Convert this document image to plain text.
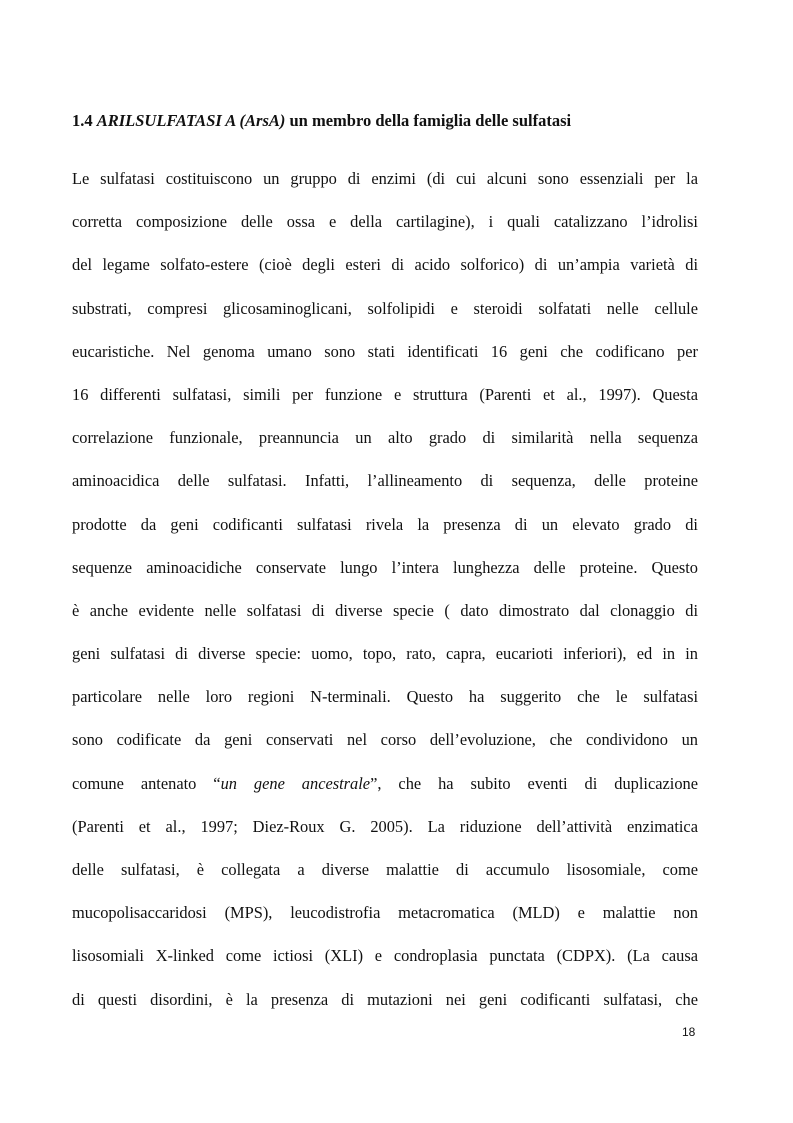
1.4 ARILSULFATASI A (ArsA) un membro della famiglia delle sulfatasi
Le sulfatasi costituiscono un gruppo di enzimi (di cui alcuni sono essenziali per la
corretta composizione delle ossa e della cartilagine), i quali catalizzano l’idrolisi
del legame solfato-estere (cioè degli esteri di acido solforico) di un’ampia varietà di
substrati, compresi glicosaminoglicani, solfolipidi e steroidi solfatati nelle cellule
eucaristiche. Nel genoma umano sono stati identificati 16 geni che codificano per
16 differenti sulfatasi, simili per funzione e struttura (Parenti et al., 1997). Questa
correlazione funzionale, preannuncia un alto grado di similarità nella sequenza
aminoacidica delle sulfatasi. Infatti, l’allineamento di sequenza, delle proteine
prodotte da geni codificanti sulfatasi rivela la presenza di un elevato grado di
sequenze aminoacidiche conservate lungo l’intera lunghezza delle proteine. Questo
è anche evidente nelle solfatasi di diverse specie ( dato dimostrato dal clonaggio di
geni sulfatasi di diverse specie: uomo, topo, rato, capra, eucarioti inferiori), ed in in
particolare nelle loro regioni N-terminali. Questo ha suggerito che le sulfatasi
sono codificate da geni conservati nel corso dell’evoluzione, che condividono un
comune antenato “un gene ancestrale”, che ha subito eventi di duplicazione
(Parenti et al., 1997; Diez-Roux G. 2005). La riduzione dell’attività enzimatica
delle sulfatasi, è collegata a diverse malattie di accumulo lisosomiale, come
mucopolisaccaridosi (MPS), leucodistrofia metacromatica (MLD) e malattie non
lisosomiali X-linked come ictiosi (XLI) e condroplasia punctata (CDPX). (La causa
di questi disordini, è la presenza di mutazioni nei geni codificanti sulfatasi, che
18
